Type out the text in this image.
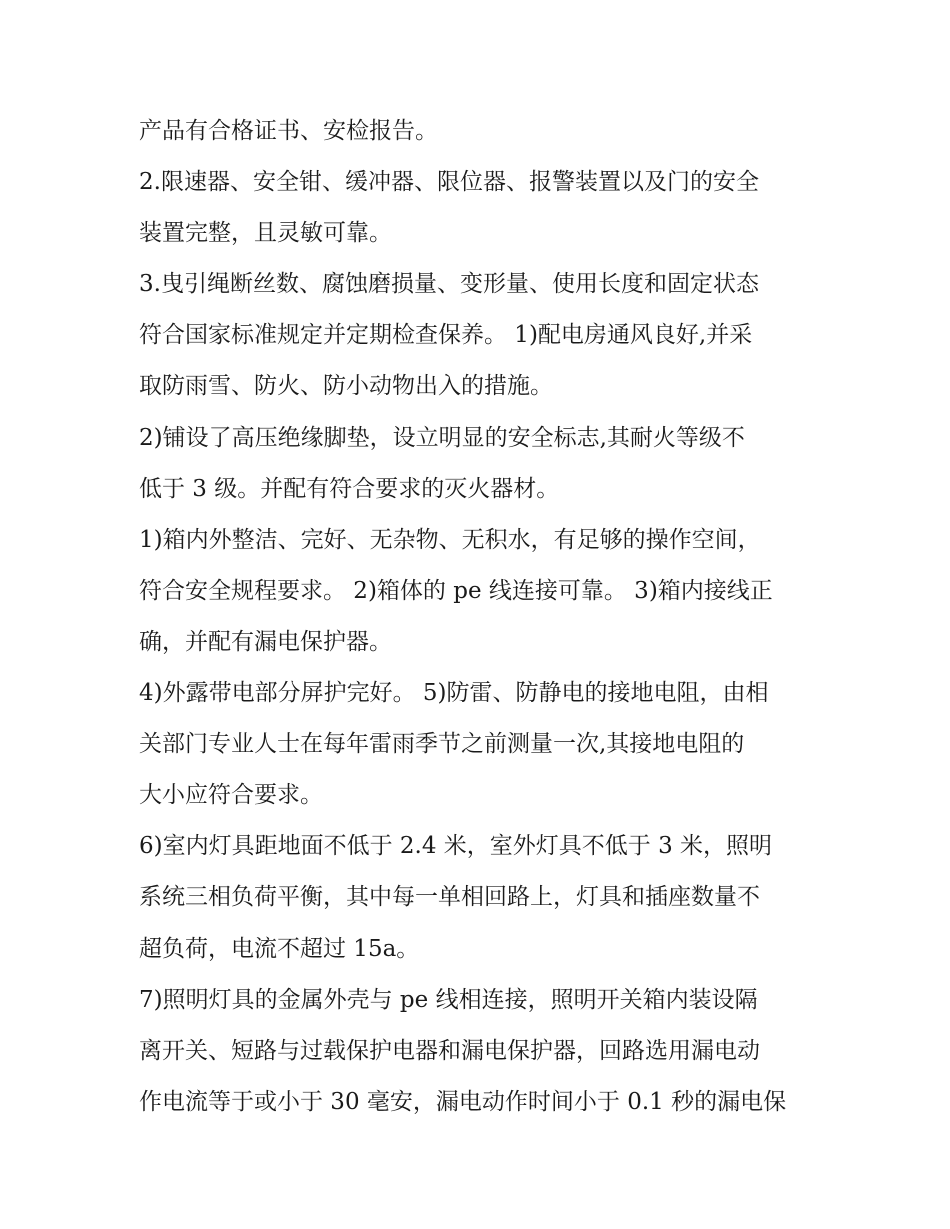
产品有合格证书、安检报告。
2.限速器、安全钳、缓冲器、限位器、报警装置以及门的安全
装置完整，且灵敏可靠。
3.曳引绳断丝数、腐蚀磨损量、变形量、使用长度和固定状态
符合国家标准规定并定期检查保养。 1)配电房通风良好,并采
取防雨雪、防火、防小动物出入的措施。
2)铺设了高压绝缘脚垫，设立明显的安全标志,其耐火等级不
低于 3 级。并配有符合要求的灭火器材。
1)箱内外整洁、完好、无杂物、无积水，有足够的操作空间，
符合安全规程要求。 2)箱体的 pe 线连接可靠。 3)箱内接线正
确，并配有漏电保护器。
4)外露带电部分屏护完好。 5)防雷、防静电的接地电阻，由相
关部门专业人士在每年雷雨季节之前测量一次,其接地电阻的
大小应符合要求。
6)室内灯具距地面不低于 2.4 米，室外灯具不低于 3 米，照明
系统三相负荷平衡，其中每一单相回路上，灯具和插座数量不
超负荷，电流不超过 15a。
7)照明灯具的金属外壳与 pe 线相连接，照明开关箱内装设隔
离开关、短路与过载保护电器和漏电保护器，回路选用漏电动
作电流等于或小于 30 毫安，漏电动作时间小于 0.1 秒的漏电保
